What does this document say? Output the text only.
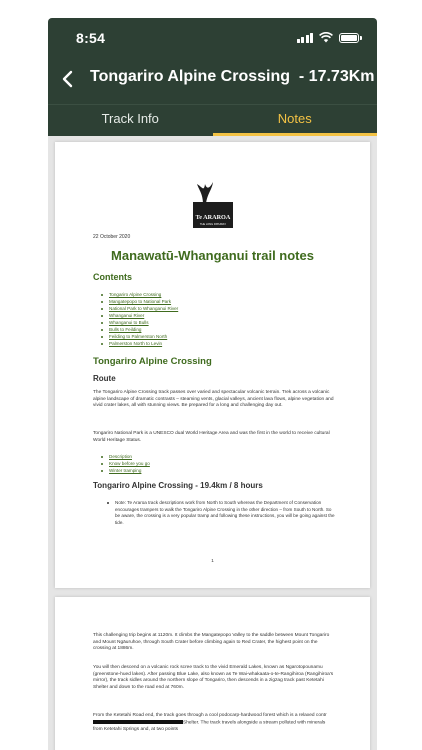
8:54
Tongariro Alpine Crossing  - 17.73Km
Track Info	Notes
Te ARAROA
THE LONG PATHWAY
22 October 2020
Manawatū-Whanganui trail notes
Contents
Tongariro Alpine Crossing
Mangatepopo to National Park
National Park to Whanganui River
Whanganui River
Whanganui to Bulls
Bulls to Feilding
Feilding to Palmerston North
Palmerston North to Levin
Tongariro Alpine Crossing
Route
The Tongariro Alpine Crossing track passes over varied and spectacular volcanic terrain. Trek across a volcanic alpine landscape of dramatic contrasts – steaming vents, glacial valleys, ancient lava flows, alpine vegetation and vivid crater lakes, all with stunning views. Be prepared for a long and challenging day out.
Tongariro National Park is a UNESCO dual World Heritage Area and was the first in the world to receive cultural World Heritage Status.
Description
Know before you go
Winter tramping
Tongariro Alpine Crossing - 19.4km / 8 hours
Note: Te Araroa track descriptions work from North to South whereas the Department of Conservation encourages trampers to walk the Tongariro Alpine Crossing in the other direction – from South to North. So be aware, the crossing is a very popular tramp and following these instructions, you will be going against the tide.
1
This challenging trip begins at 1120m. It climbs the Mangatepopo Valley to the saddle between Mount Tongariro and Mount Ngāuruhoe, through South Crater before climbing again to Red Crater, the highest point on the crossing at 1886m.
You will then descend on a volcanic rock scree track to the vivid Emerald Lakes, known as Ngarotopounamu (greenstone-hued lakes). After passing Blue Lake, also known as Te Wai-whakaata-o-te-Rangihiroa (Rangihiroa's mirror), the track sidles around the northern slope of Tongariro, then descends in a zigzag track past Ketetahi Shelter and down to the road end at 760m.
From the Ketetahi Road end, the track goes through a cool podocarp-hardwood forest which is a relaxed contrShelter. The track travels alongside a stream polluted with minerals from Ketetahi Springs and, at two points
